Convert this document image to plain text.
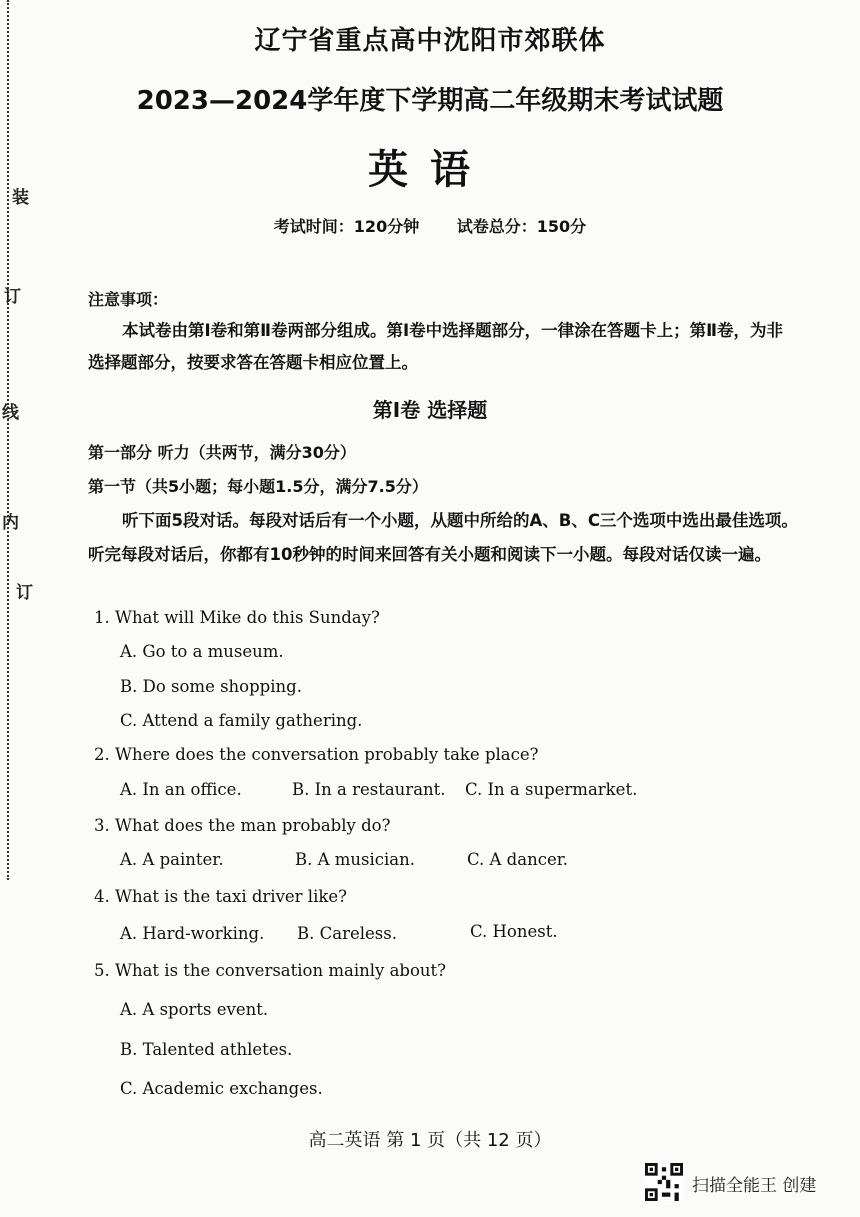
装
订
线
内
订
辽宁省重点高中沈阳市郊联体
2023—2024学年度下学期高二年级期末考试试题
英语
考试时间：120分钟 试卷总分：150分
注意事项：
本试卷由第Ⅰ卷和第Ⅱ卷两部分组成。第Ⅰ卷中选择题部分，一律涂在答题卡上；第Ⅱ卷，为非选择题部分，按要求答在答题卡相应位置上。
第Ⅰ卷 选择题
第一部分 听力（共两节，满分30分）
第一节（共5小题；每小题1.5分，满分7.5分）
听下面5段对话。每段对话后有一个小题，从题中所给的A、B、C三个选项中选出最佳选项。听完每段对话后，你都有10秒钟的时间来回答有关小题和阅读下一小题。每段对话仅读一遍。
1. What will Mike do this Sunday?
A. Go to a museum.
B. Do some shopping.
C. Attend a family gathering.
2. Where does the conversation probably take place?
A. In an office.	B. In a restaurant. C. In a supermarket.
3. What does the man probably do?
A. A painter.	B. A musician.	C. A dancer.
4. What is the taxi driver like?
A. Hard-working. B. Careless.	C. Honest.
5. What is the conversation mainly about?
A. A sports event.
B. Talented athletes.
C. Academic exchanges.
高二英语 第 1 页（共 12 页）
扫描全能王 创建
